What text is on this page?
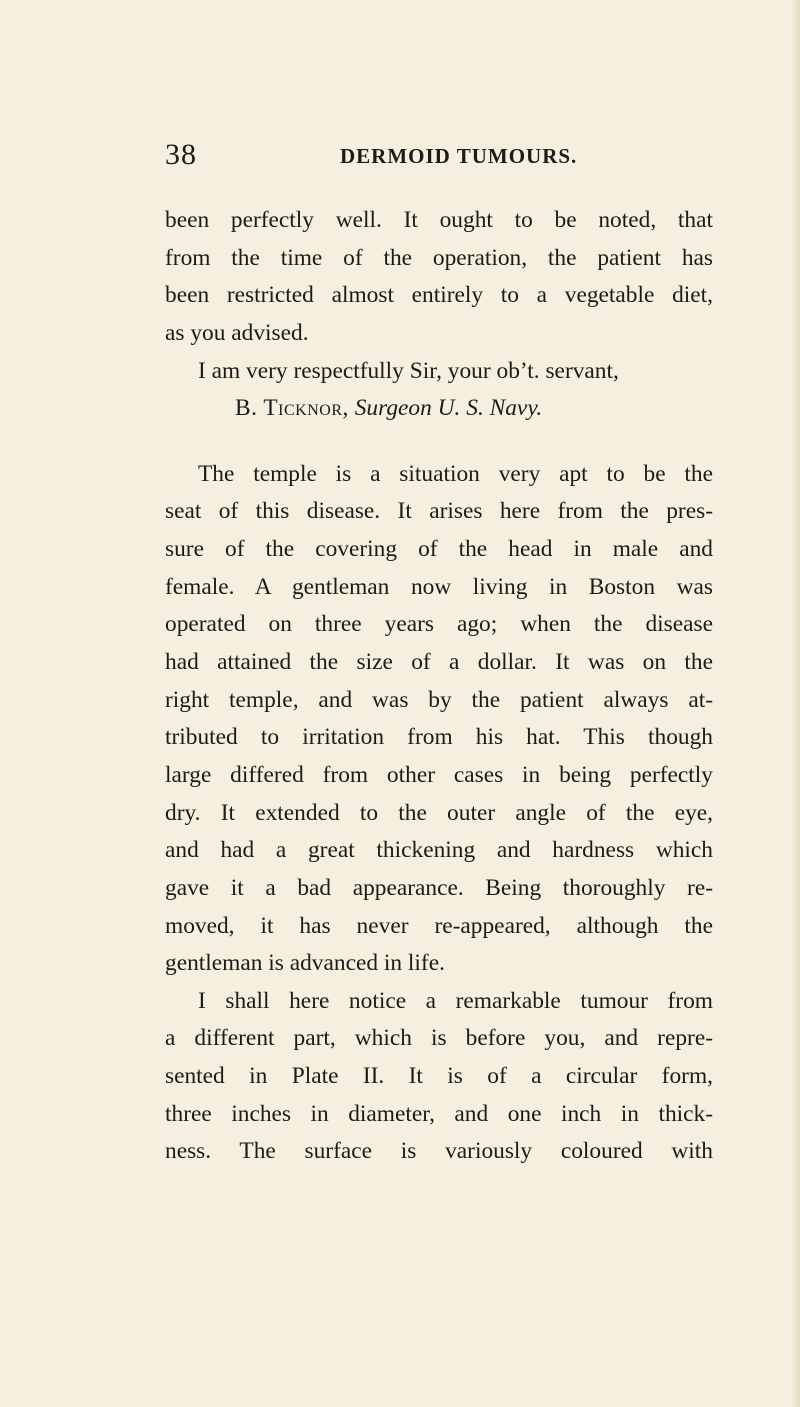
38	DERMOID TUMOURS.
been perfectly well. It ought to be noted, that
from the time of the operation, the patient has
been restricted almost entirely to a vegetable diet,
as you advised.
I am very respectfully Sir, your ob’t. servant,
B. Ticknor, Surgeon U. S. Navy.
The temple is a situation very apt to be the
seat of this disease. It arises here from the pres-
sure of the covering of the head in male and
female. A gentleman now living in Boston was
operated on three years ago; when the disease
had attained the size of a dollar. It was on the
right temple, and was by the patient always at-
tributed to irritation from his hat. This though
large differed from other cases in being perfectly
dry. It extended to the outer angle of the eye,
and had a great thickening and hardness which
gave it a bad appearance. Being thoroughly re-
moved, it has never re-appeared, although the
gentleman is advanced in life.
I shall here notice a remarkable tumour from
a different part, which is before you, and repre-
sented in Plate II. It is of a circular form,
three inches in diameter, and one inch in thick-
ness. The surface is variously coloured with
